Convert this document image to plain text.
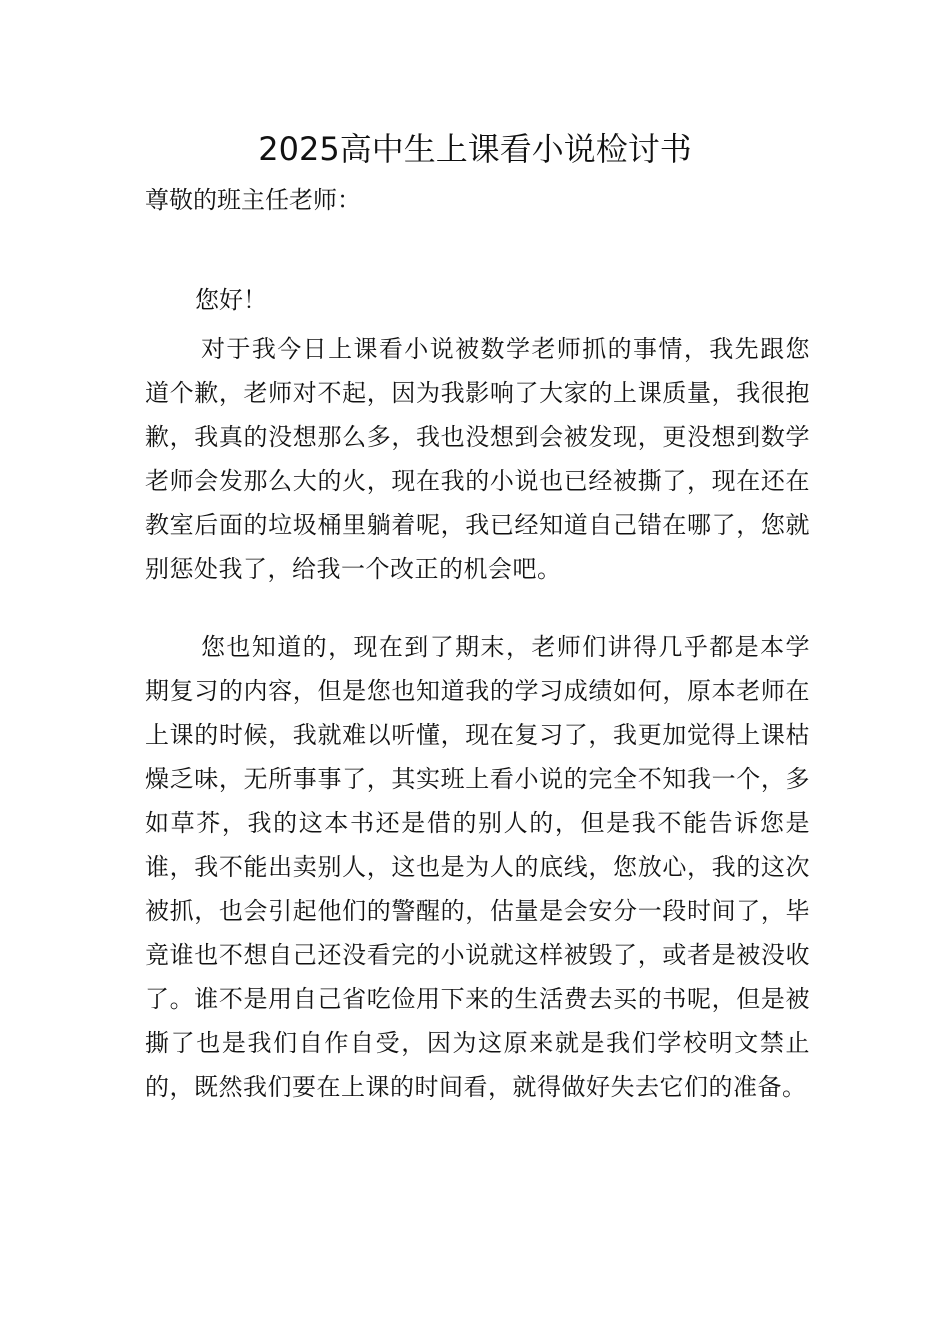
2025高中生上课看小说检讨书
尊敬的班主任老师：
您好！
对于我今日上课看小说被数学老师抓的事情，我先跟您道个歉，老师对不起，因为我影响了大家的上课质量，我很抱歉，我真的没想那么多，我也没想到会被发现，更没想到数学老师会发那么大的火，现在我的小说也已经被撕了，现在还在教室后面的垃圾桶里躺着呢，我已经知道自己错在哪了，您就别惩处我了，给我一个改正的机会吧。
您也知道的，现在到了期末，老师们讲得几乎都是本学期复习的内容，但是您也知道我的学习成绩如何，原本老师在上课的时候，我就难以听懂，现在复习了，我更加觉得上课枯燥乏味，无所事事了，其实班上看小说的完全不知我一个，多如草芥，我的这本书还是借的别人的，但是我不能告诉您是谁，我不能出卖别人，这也是为人的底线，您放心，我的这次被抓，也会引起他们的警醒的，估量是会安分一段时间了，毕竟谁也不想自己还没看完的小说就这样被毁了，或者是被没收了。谁不是用自己省吃俭用下来的生活费去买的书呢，但是被撕了也是我们自作自受，因为这原来就是我们学校明文禁止的，既然我们要在上课的时间看，就得做好失去它们的准备。
